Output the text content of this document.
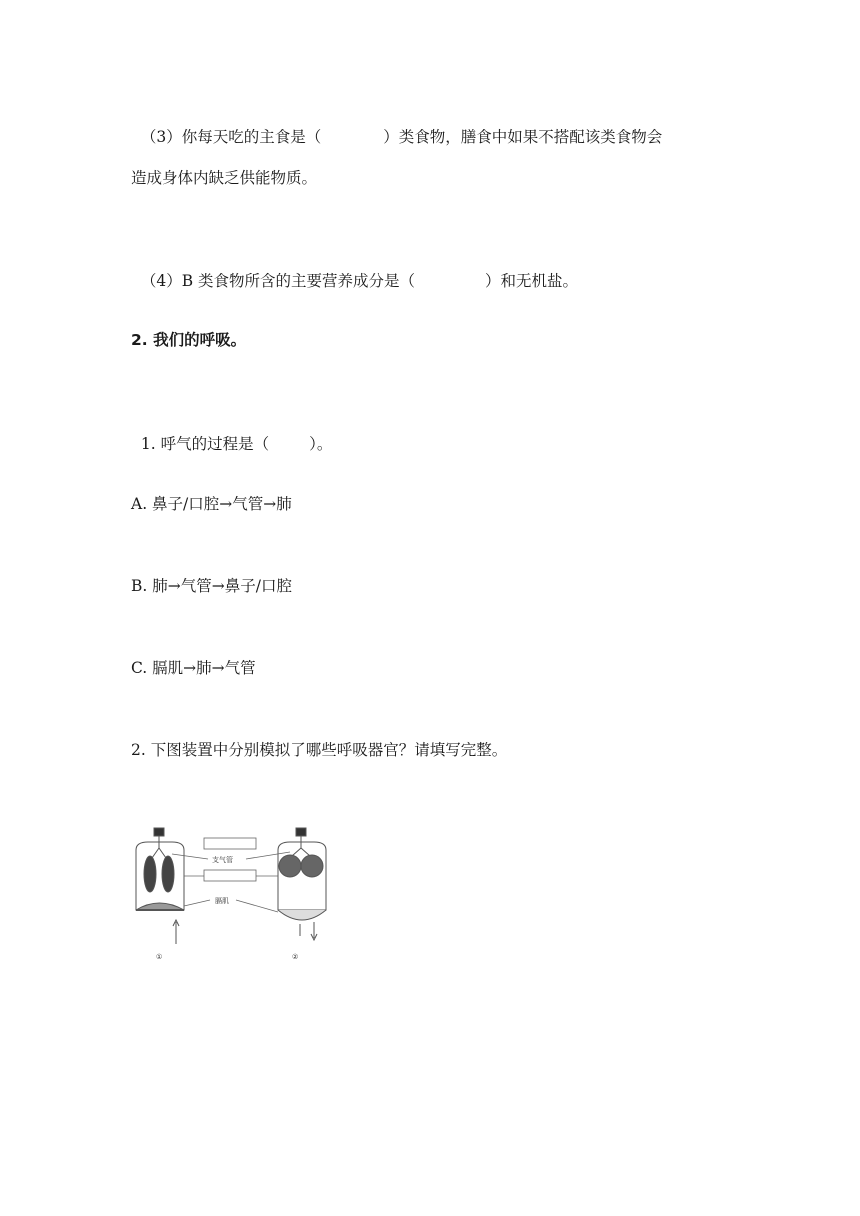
（3）你每天吃的主食是（	）类食物，膳食中如果不搭配该类食物会

造成身体内缺乏供能物质。

（4）B 类食物所含的主要营养成分是（	）和无机盐。

2. 我们的呼吸。

1. 呼气的过程是（	）。

A. 鼻子/口腔→气管→肺
B. 肺→气管→鼻子/口腔
C. 膈肌→肺→气管
2. 下图装置中分别模拟了哪些呼吸器官？请填写完整。
支气管
膈肌
①	②
